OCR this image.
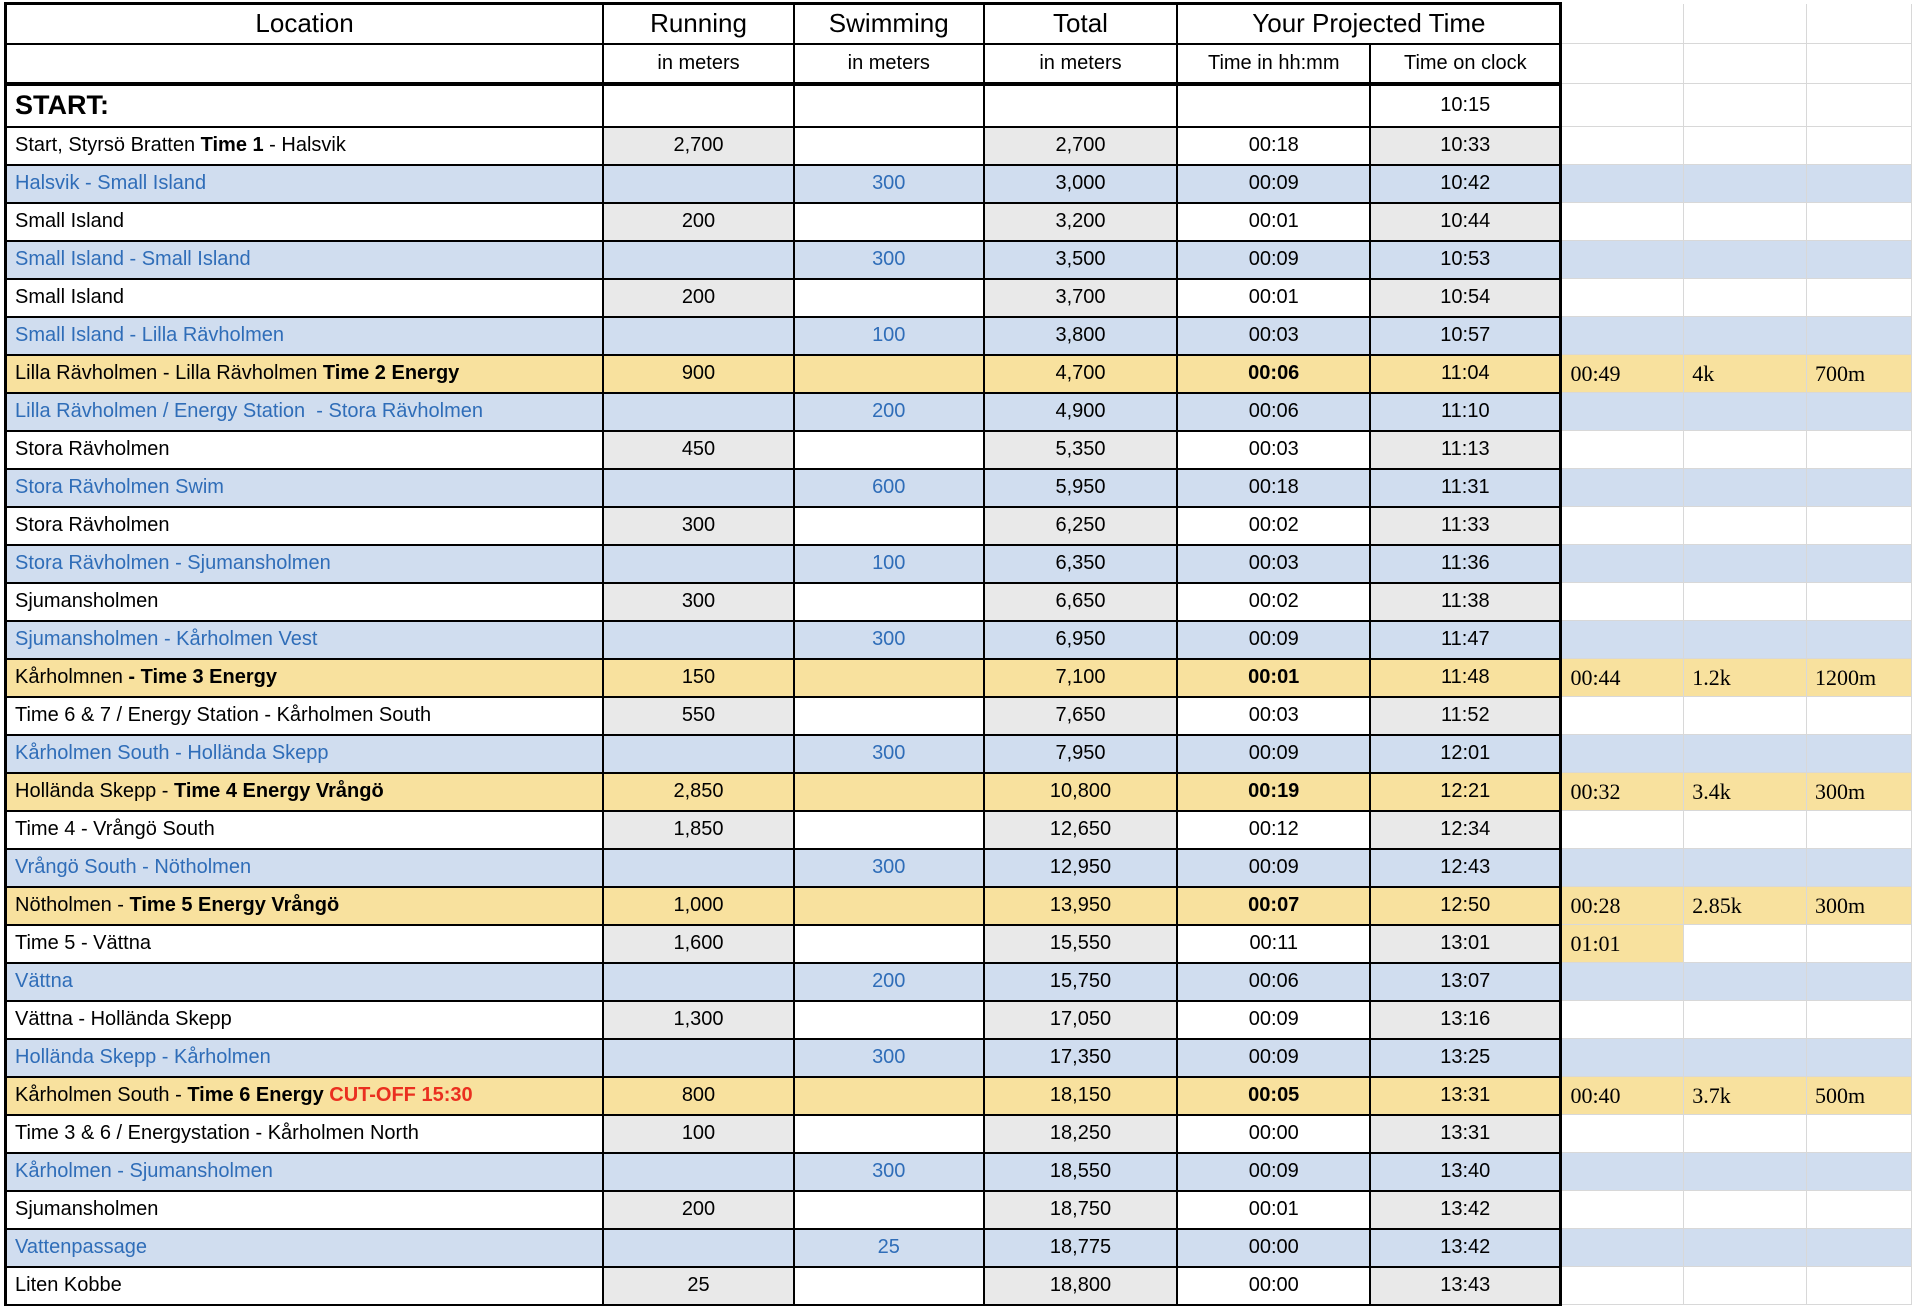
Location	Running	Swimming	Total	Your Projected Time				
	in meters	in meters	in meters	Time in hh:mm	Time on clock			
START:					10:15			
Start, Styrsö Bratten Time 1 - Halsvik	2,700		2,700	00:18	10:33			
Halsvik - Small Island		300	3,000	00:09	10:42			
Small Island	200		3,200	00:01	10:44			
Small Island - Small Island		300	3,500	00:09	10:53			
Small Island	200		3,700	00:01	10:54			
Small Island - Lilla Rävholmen		100	3,800	00:03	10:57			
Lilla Rävholmen - Lilla Rävholmen Time 2 Energy	900		4,700	00:06	11:04	00:49	4k	700m
Lilla Rävholmen / Energy Station  - Stora Rävholmen		200	4,900	00:06	11:10			
Stora Rävholmen	450		5,350	00:03	11:13			
Stora Rävholmen Swim		600	5,950	00:18	11:31			
Stora Rävholmen	300		6,250	00:02	11:33			
Stora Rävholmen - Sjumansholmen		100	6,350	00:03	11:36			
Sjumansholmen	300		6,650	00:02	11:38			
Sjumansholmen - Kårholmen Vest		300	6,950	00:09	11:47			
Kårholmnen - Time 3 Energy	150		7,100	00:01	11:48	00:44	1.2k	1200m
Time 6 & 7 / Energy Station - Kårholmen South	550		7,650	00:03	11:52			
Kårholmen South - Hollända Skepp		300	7,950	00:09	12:01			
Hollända Skepp - Time 4 Energy Vrångö	2,850		10,800	00:19	12:21	00:32	3.4k	300m
Time 4 - Vrångö South	1,850		12,650	00:12	12:34			
Vrångö South - Nötholmen		300	12,950	00:09	12:43			
Nötholmen - Time 5 Energy Vrångö	1,000		13,950	00:07	12:50	00:28	2.85k	300m
Time 5 - Vättna	1,600		15,550	00:11	13:01	01:01		
Vättna		200	15,750	00:06	13:07			
Vättna - Hollända Skepp	1,300		17,050	00:09	13:16			
Hollända Skepp - Kårholmen		300	17,350	00:09	13:25			
Kårholmen South - Time 6 Energy CUT-OFF 15:30	800		18,150	00:05	13:31	00:40	3.7k	500m
Time 3 & 6 / Energystation - Kårholmen North	100		18,250	00:00	13:31			
Kårholmen - Sjumansholmen		300	18,550	00:09	13:40			
Sjumansholmen	200		18,750	00:01	13:42			
Vattenpassage		25	18,775	00:00	13:42			
Liten Kobbe	25		18,800	00:00	13:43			
